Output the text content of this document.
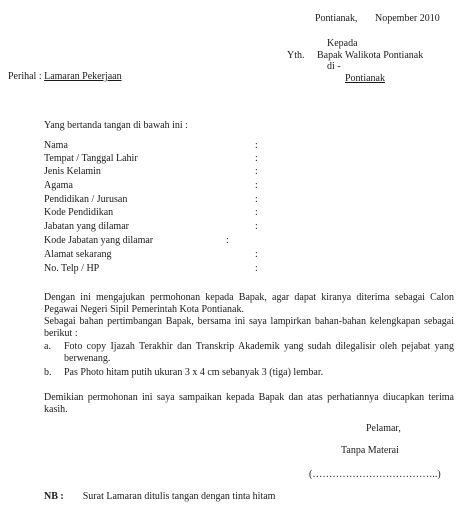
Pontianak, Nopember 2010
Kepada
Yth. Bapak Walikota Pontianak
di -
Pontianak
Perihal : Lamaran Pekerjaan
Yang bertanda tangan di bawah ini :
Nama	:
Tempat / Tanggal Lahir	:
Jenis Kelamin	:
Agama	:
Pendidikan / Jurusan	:
Kode Pendidikan	:
Jabatan yang dilamar	:
Kode Jabatan yang dilamar	:
Alamat sekarang	:
No. Telp / HP	:
Dengan ini mengajukan permohonan kepada Bapak, agar dapat kiranya diterima sebagai Calon
Pegawai Negeri Sipil Pemerintah Kota Pontianak.
Sebagai bahan pertimbangan Bapak, bersama ini saya lampirkan bahan-bahan kelengkapan sebagai
berikut :
a. Foto copy Ijazah Terakhir dan Transkrip Akademik yang sudah dilegalisir oleh pejabat yang
berwenang.
b. Pas Photo hitam putih ukuran 3 x 4 cm sebanyak 3 (tiga) lembar.
Demikian permohonan ini saya sampaikan kepada Bapak dan atas perhatiannya diucapkan terima
kasih.
Pelamar,
Tanpa Materai
(………………………………..)
NB : Surat Lamaran ditulis tangan dengan tinta hitam
